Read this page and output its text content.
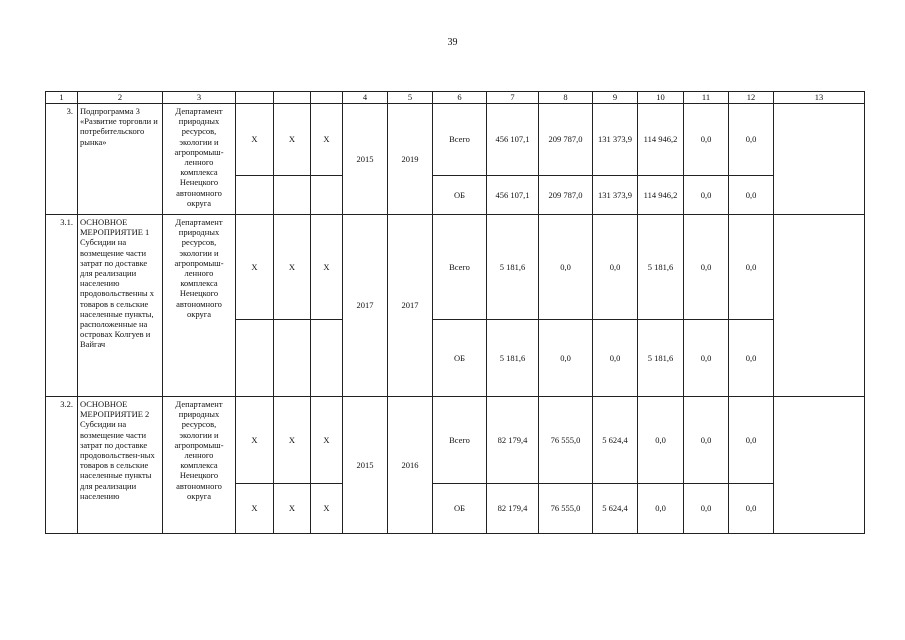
39
1	2	3				4	5	6	7	8	9	10	11	12	13
3.	Подпрограмма 3 «Развитие торговли и потребительского рынка»	Департамент природных ресурсов, экологии и агропромыш-ленного комплекса Ненецкого автономного округа	X	X	X	2015	2019	Всего	456 107,1	209 787,0	131 373,9	114 946,2	0,0	0,0	
								ОБ	456 107,1	209 787,0	131 373,9	114 946,2	0,0	0,0	
3.1.	ОСНОВНОЕ МЕРОПРИЯТИЕ 1 Субсидии на возмещение части затрат по доставке для реализации населению продовольственны х товаров в сельские населенные пункты, расположенные на островах Колгуев и Вайгач	Департамент природных ресурсов, экологии и агропромыш-ленного комплекса Ненецкого автономного округа	X	X	X	2017	2017	Всего	5 181,6	0,0	0,0	5 181,6	0,0	0,0	
								ОБ	5 181,6	0,0	0,0	5 181,6	0,0	0,0	
3.2.	ОСНОВНОЕ МЕРОПРИЯТИЕ 2 Субсидии на возмещение части затрат по доставке продовольствен-ных товаров в сельские населенные пункты для реализации населению	Департамент природных ресурсов, экологии и агропромыш-ленного комплекса Ненецкого автономного округа	X	X	X	2015	2016	Всего	82 179,4	76 555,0	5 624,4	0,0	0,0	0,0	
			X	X	X			ОБ	82 179,4	76 555,0	5 624,4	0,0	0,0	0,0	
